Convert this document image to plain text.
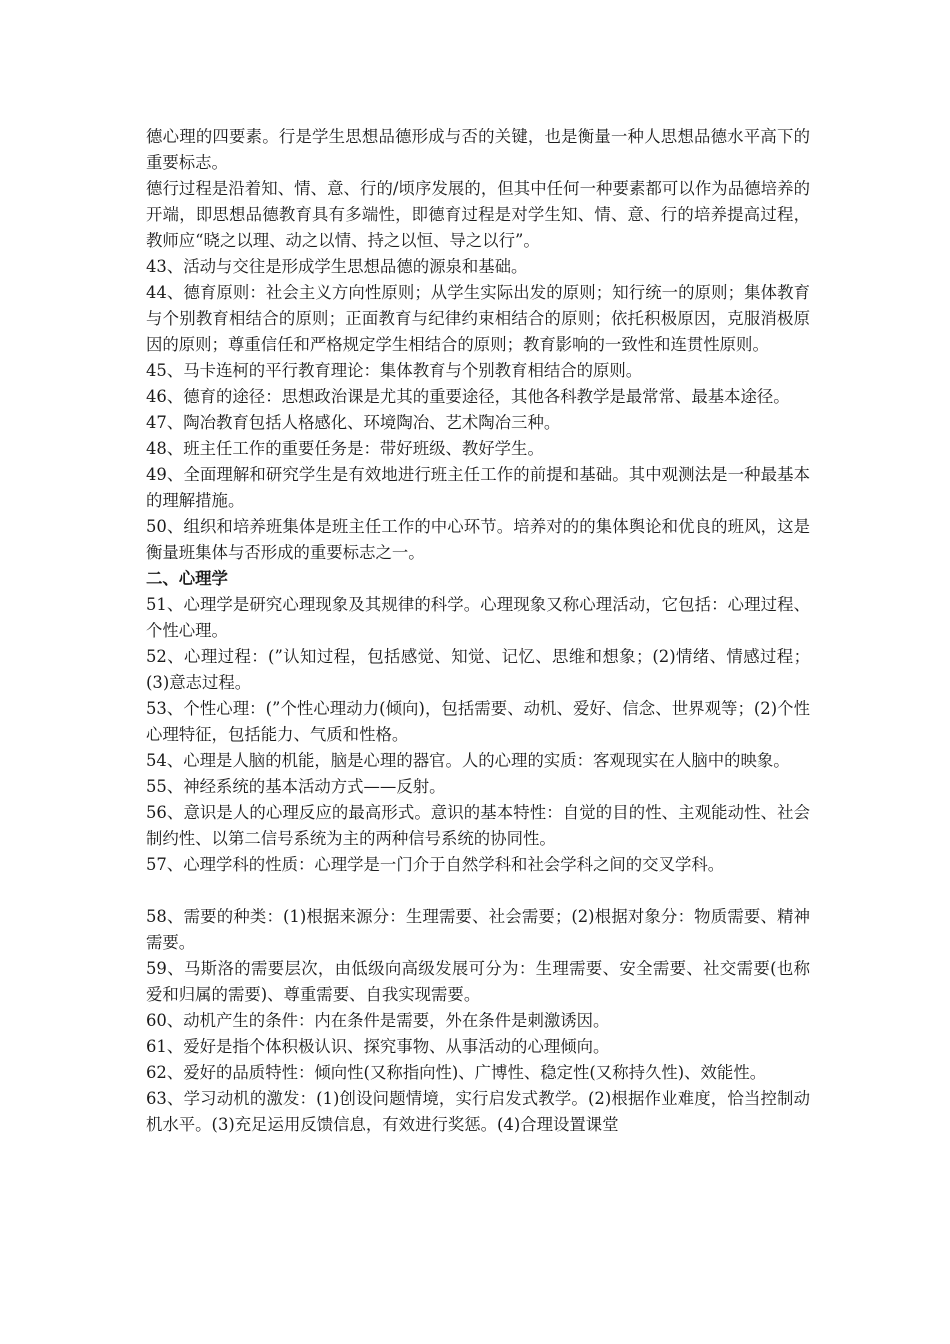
德心理的四要素。行是学生思想品德形成与否的关键，也是衡量一种人思想品德水平高下的重要标志。

德行过程是沿着知、情、意、行的/顷序发展的，但其中任何一种要素都可以作为品德培养的开端，即思想品德教育具有多端性，即德育过程是对学生知、情、意、行的培养提高过程，教师应“晓之以理、动之以情、持之以恒、导之以行”。

43、活动与交往是形成学生思想品德的源泉和基础。

44、德育原则：社会主义方向性原则；从学生实际出发的原则；知行统一的原则；集体教育与个别教育相结合的原则；正面教育与纪律约束相结合的原则；依托积极原因，克服消极原因的原则；尊重信任和严格规定学生相结合的原则；教育影响的一致性和连贯性原则。

45、马卡连柯的平行教育理论：集体教育与个别教育相结合的原则。

46、德育的途径：思想政治课是尤其的重要途径，其他各科教学是最常常、最基本途径。

47、陶冶教育包括人格感化、环境陶冶、艺术陶冶三种。

48、班主任工作的重要任务是：带好班级、教好学生。

49、全面理解和研究学生是有效地进行班主任工作的前提和基础。其中观测法是一种最基本的理解措施。

50、组织和培养班集体是班主任工作的中心环节。培养对的的集体舆论和优良的班风，这是衡量班集体与否形成的重要标志之一。

二、心理学

51、心理学是研究心理现象及其规律的科学。心理现象又称心理活动，它包括：心理过程、个性心理。

52、心理过程：(”认知过程，包括感觉、知觉、记忆、思维和想象；(2)情绪、情感过程；(3)意志过程。

53、个性心理：(”个性心理动力(倾向)，包括需要、动机、爱好、信念、世界观等；(2)个性心理特征，包括能力、气质和性格。

54、心理是人脑的机能，脑是心理的器官。人的心理的实质：客观现实在人脑中的映象。

55、神经系统的基本活动方式——反射。

56、意识是人的心理反应的最高形式。意识的基本特性：自觉的目的性、主观能动性、社会制约性、以第二信号系统为主的两种信号系统的协同性。

57、心理学科的性质：心理学是一门介于自然学科和社会学科之间的交叉学科。

58、需要的种类：(1)根据来源分：生理需要、社会需要；(2)根据对象分：物质需要、精神需要。

59、马斯洛的需要层次，由低级向高级发展可分为：生理需要、安全需要、社交需要(也称爱和归属的需要)、尊重需要、自我实现需要。

60、动机产生的条件：内在条件是需要，外在条件是刺激诱因。

61、爱好是指个体积极认识、探究事物、从事活动的心理倾向。

62、爱好的品质特性：倾向性(又称指向性)、广博性、稳定性(又称持久性)、效能性。

63、学习动机的激发：(1)创设问题情境，实行启发式教学。(2)根据作业难度，恰当控制动机水平。(3)充足运用反馈信息，有效进行奖惩。(4)合理设置课堂
